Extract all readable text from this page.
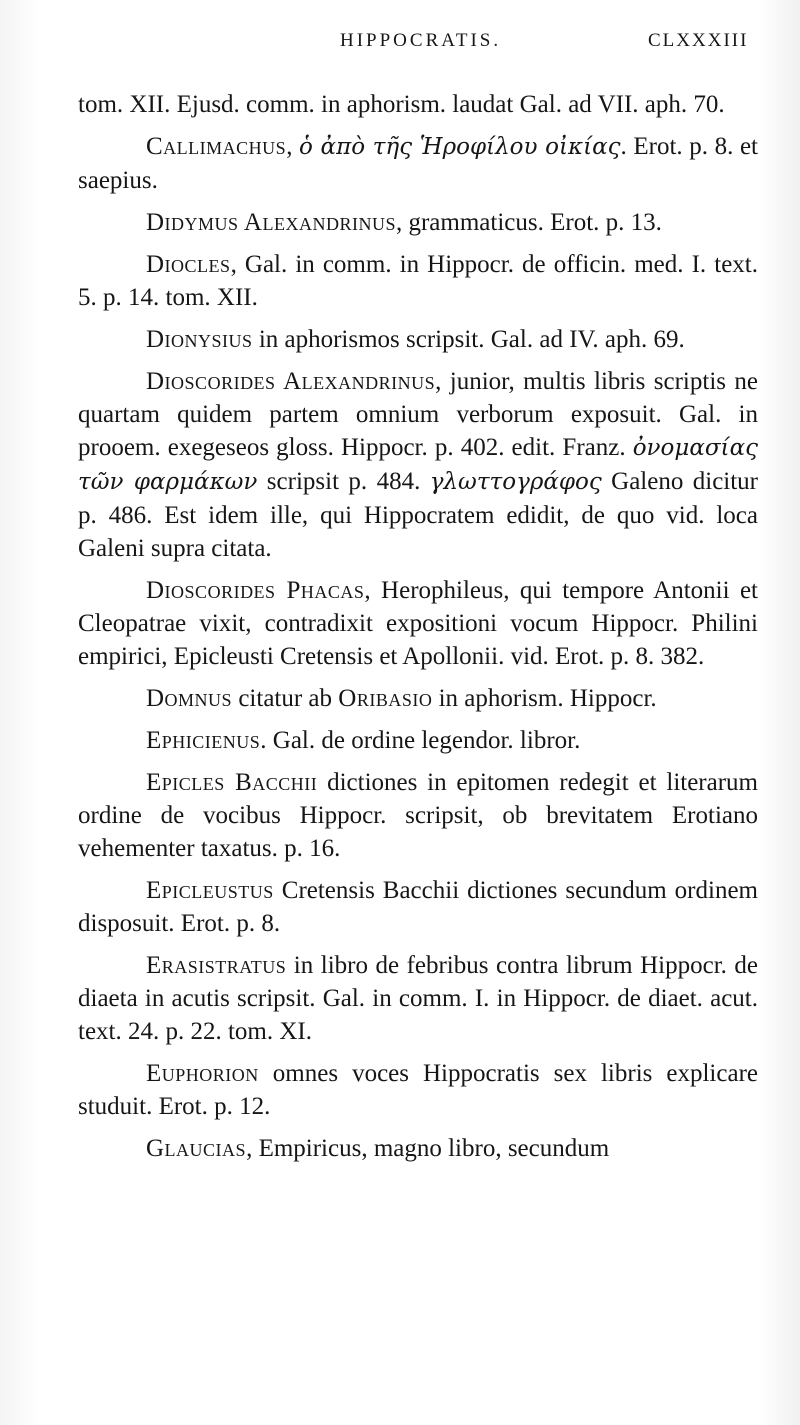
HIPPOCRATIS.	CLXXXIII

tom. XII. Ejusd. comm. in aphorism. laudat Gal. ad VII. aph. 70.

Callimachus, ὁ ἀπὸ τῆς Ἡροφίλου οἰκίας. Erot. p. 8. et saepius.

Didymus Alexandrinus, grammaticus. Erot. p. 13.

Diocles, Gal. in comm. in Hippocr. de officin. med. I. text. 5. p. 14. tom. XII.

Dionysius in aphorismos scripsit. Gal. ad IV. aph. 69.

Dioscorides Alexandrinus, junior, multis libris scriptis ne quartam quidem partem omnium verborum exposuit. Gal. in prooem. exegeseos gloss. Hippocr. p. 402. edit. Franz. ὀνομασίας τῶν φαρμάκων scripsit p. 484. γλωττογράφος Galeno dicitur p. 486. Est idem ille, qui Hippocratem edidit, de quo vid. loca Galeni supra citata.

Dioscorides Phacas, Herophileus, qui tempore Antonii et Cleopatrae vixit, contradixit expositioni vocum Hippocr. Philini empirici, Epicleusti Cretensis et Apollonii. vid. Erot. p. 8. 382.

Domnus citatur ab Oribasio in aphorism. Hippocr.

Ephicienus. Gal. de ordine legendor. libror.

Epicles Bacchii dictiones in epitomen redegit et literarum ordine de vocibus Hippocr. scripsit, ob brevitatem Erotiano vehementer taxatus. p. 16.

Epicleustus Cretensis Bacchii dictiones secundum ordinem disposuit. Erot. p. 8.

Erasistratus in libro de febribus contra librum Hippocr. de diaeta in acutis scripsit. Gal. in comm. I. in Hippocr. de diaet. acut. text. 24. p. 22. tom. XI.

Euphorion omnes voces Hippocratis sex libris explicare studuit. Erot. p. 12.

Glaucias, Empiricus, magno libro, secundum
